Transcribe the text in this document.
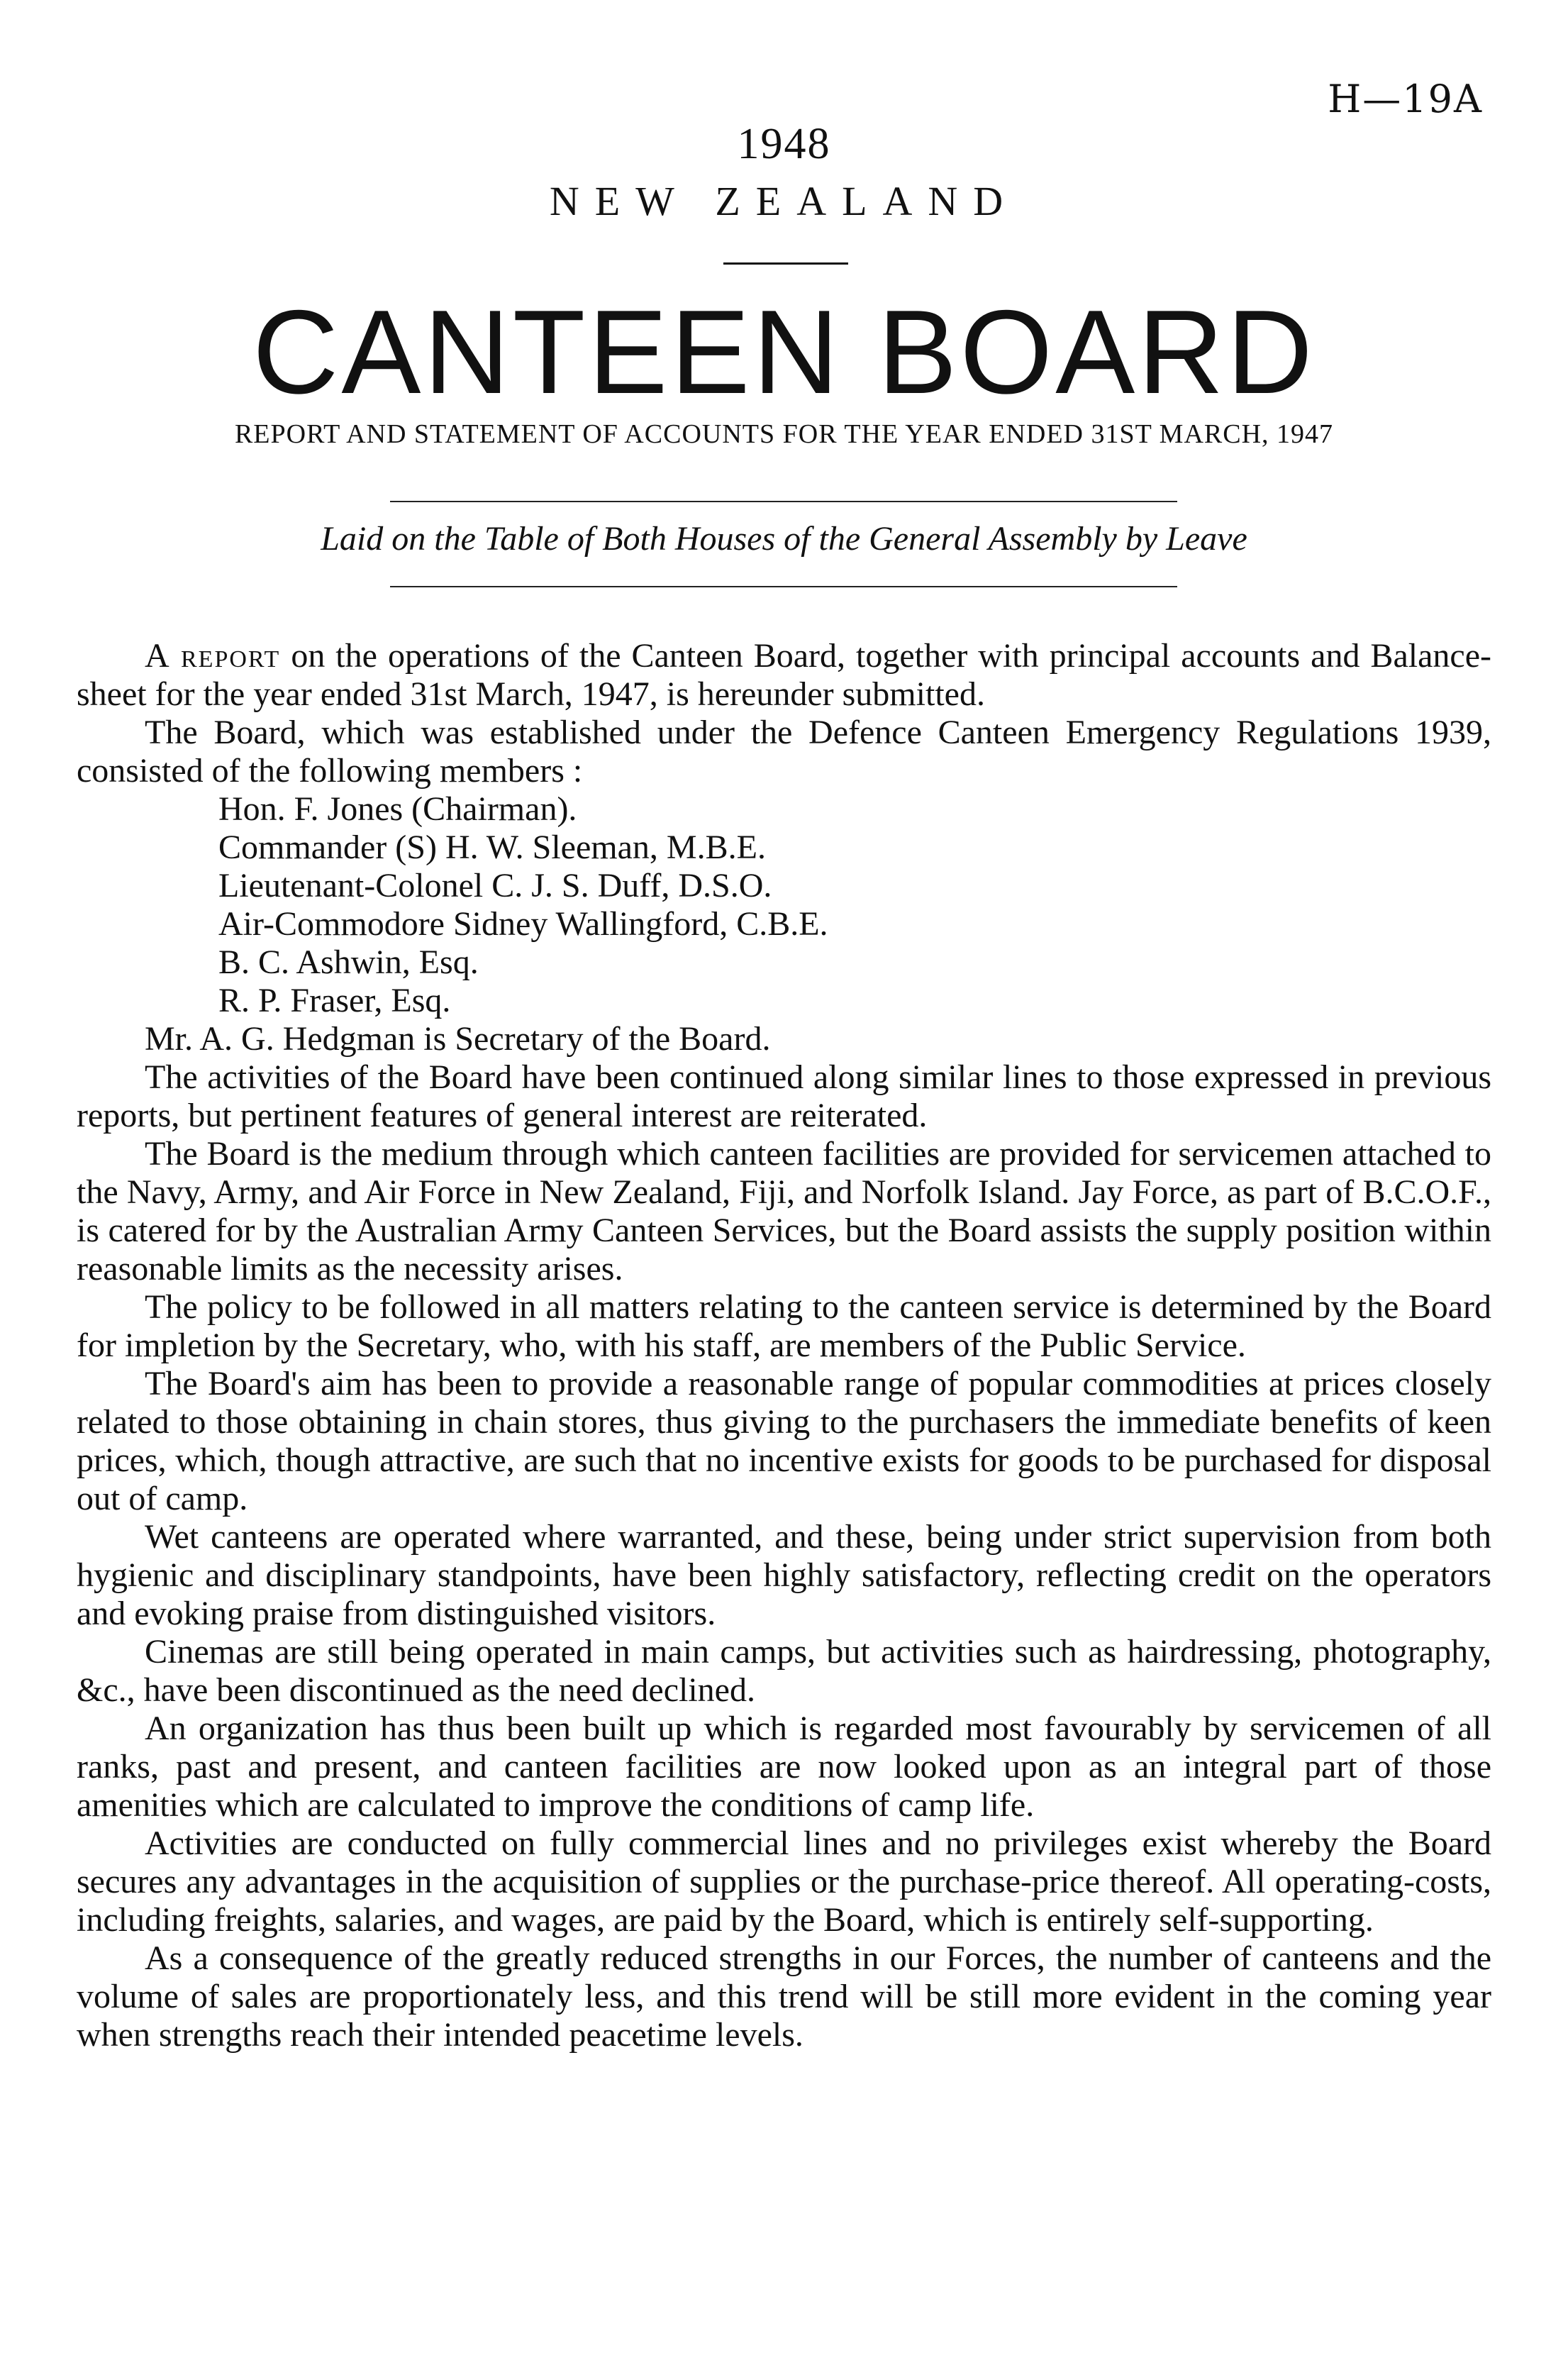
H—19A
1948
NEW ZEALAND
CANTEEN BOARD
REPORT AND STATEMENT OF ACCOUNTS FOR THE YEAR ENDED 31ST MARCH, 1947
Laid on the Table of Both Houses of the General Assembly by Leave

A report on the operations of the Canteen Board, together with principal accounts and Balance-sheet for the year ended 31st March, 1947, is hereunder submitted.

The Board, which was established under the Defence Canteen Emergency Regulations 1939, consisted of the following members :

Hon. F. Jones (Chairman).
Commander (S) H. W. Sleeman, M.B.E.
Lieutenant-Colonel C. J. S. Duff, D.S.O.
Air-Commodore Sidney Wallingford, C.B.E.
B. C. Ashwin, Esq.
R. P. Fraser, Esq.

Mr. A. G. Hedgman is Secretary of the Board.

The activities of the Board have been continued along similar lines to those expressed in previous reports, but pertinent features of general interest are reiterated.

The Board is the medium through which canteen facilities are provided for servicemen attached to the Navy, Army, and Air Force in New Zealand, Fiji, and Norfolk Island. Jay Force, as part of B.C.O.F., is catered for by the Australian Army Canteen Services, but the Board assists the supply position within reasonable limits as the necessity arises.

The policy to be followed in all matters relating to the canteen service is determined by the Board for impletion by the Secretary, who, with his staff, are members of the Public Service.

The Board's aim has been to provide a reasonable range of popular commodities at prices closely related to those obtaining in chain stores, thus giving to the purchasers the immediate benefits of keen prices, which, though attractive, are such that no incentive exists for goods to be purchased for disposal out of camp.

Wet canteens are operated where warranted, and these, being under strict supervision from both hygienic and disciplinary standpoints, have been highly satisfactory, reflecting credit on the operators and evoking praise from distinguished visitors.

Cinemas are still being operated in main camps, but activities such as hairdressing, photography, &c., have been discontinued as the need declined.

An organization has thus been built up which is regarded most favourably by servicemen of all ranks, past and present, and canteen facilities are now looked upon as an integral part of those amenities which are calculated to improve the conditions of camp life.

Activities are conducted on fully commercial lines and no privileges exist whereby the Board secures any advantages in the acquisition of supplies or the purchase-price thereof. All operating-costs, including freights, salaries, and wages, are paid by the Board, which is entirely self-supporting.

As a consequence of the greatly reduced strengths in our Forces, the number of canteens and the volume of sales are proportionately less, and this trend will be still more evident in the coming year when strengths reach their intended peacetime levels.
